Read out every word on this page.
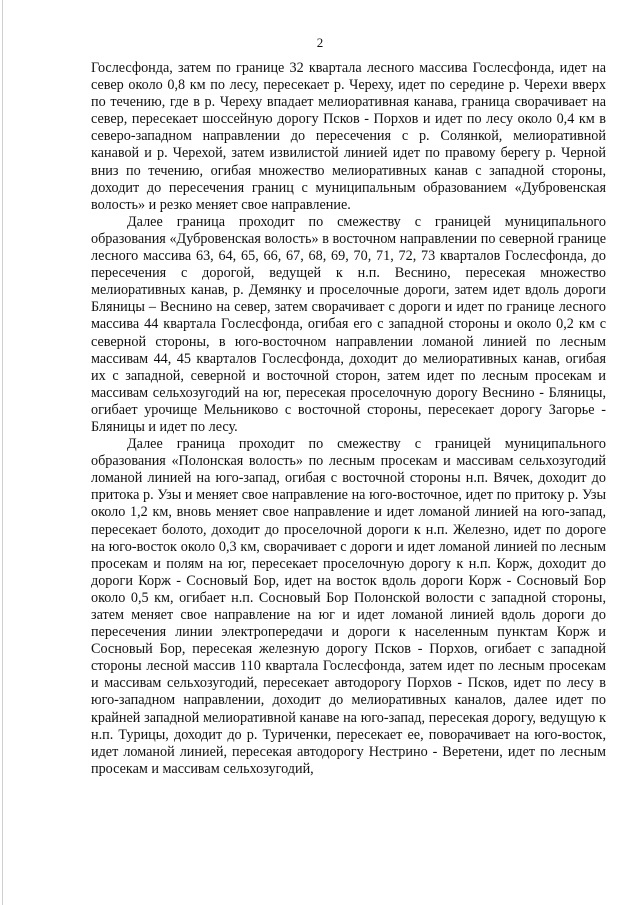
2

Гослесфонда, затем по границе 32 квартала лесного массива Гослесфонда, идет на север около 0,8 км по лесу, пересекает р. Череху, идет по середине р. Черехи вверх по течению, где в р. Череху впадает мелиоративная канава, граница сворачивает на север, пересекает шоссейную дорогу Псков - Порхов и идет по лесу около 0,4 км в северо-западном направлении до пересечения с р. Солянкой, мелиоративной канавой и р. Черехой, затем извилистой линией идет по правому берегу р. Черной вниз по течению, огибая множество мелиоративных канав с западной стороны, доходит до пересечения границ с муниципальным образованием «Дубровенская волость» и резко меняет свое направление.

Далее граница проходит по смежеству с границей муниципального образования «Дубровенская волость» в восточном направлении по северной границе лесного массива 63, 64, 65, 66, 67, 68, 69, 70, 71, 72, 73 кварталов Гослесфонда, до пересечения с дорогой, ведущей к н.п. Веснино, пересекая множество мелиоративных канав, р. Демянку и проселочные дороги, затем идет вдоль дороги Бляницы – Веснино на север, затем сворачивает с дороги и идет по границе лесного массива 44 квартала Гослесфонда, огибая его с западной стороны и около 0,2 км с северной стороны, в юго-восточном направлении ломаной линией по лесным массивам 44, 45 кварталов Гослесфонда, доходит до мелиоративных канав, огибая их с западной, северной и восточной сторон, затем идет по лесным просекам и массивам сельхозугодий на юг, пересекая проселочную дорогу Веснино - Бляницы, огибает урочище Мельниково с восточной стороны, пересекает дорогу Загорье - Бляницы и идет по лесу.

Далее граница проходит по смежеству с границей муниципального образования «Полонская волость» по лесным просекам и массивам сельхозугодий ломаной линией на юго-запад, огибая с восточной стороны н.п. Вячек, доходит до притока р. Узы и меняет свое направление на юго-восточное, идет по притоку р. Узы около 1,2 км, вновь меняет свое направление и идет ломаной линией на юго-запад, пересекает болото, доходит до проселочной дороги к н.п. Железно, идет по дороге на юго-восток около 0,3 км, сворачивает с дороги и идет ломаной линией по лесным просекам и полям на юг, пересекает проселочную дорогу к н.п. Корж, доходит до дороги Корж - Сосновый Бор, идет на восток вдоль дороги Корж - Сосновый Бор около 0,5 км, огибает н.п. Сосновый Бор Полонской волости с западной стороны, затем меняет свое направление на юг и идет ломаной линией вдоль дороги до пересечения линии электропередачи и дороги к населенным пунктам Корж и Сосновый Бор, пересекая железную дорогу Псков - Порхов, огибает с западной стороны лесной массив 110 квартала Гослесфонда, затем идет по лесным просекам и массивам сельхозугодий, пересекает автодорогу Порхов - Псков, идет по лесу в юго-западном направлении, доходит до мелиоративных каналов, далее идет по крайней западной мелиоративной канаве на юго-запад, пересекая дорогу, ведущую к н.п. Турицы, доходит до р. Туриченки, пересекает ее, поворачивает на юго-восток, идет ломаной линией, пересекая автодорогу Нестрино - Веретени, идет по лесным просекам и массивам сельхозугодий,
